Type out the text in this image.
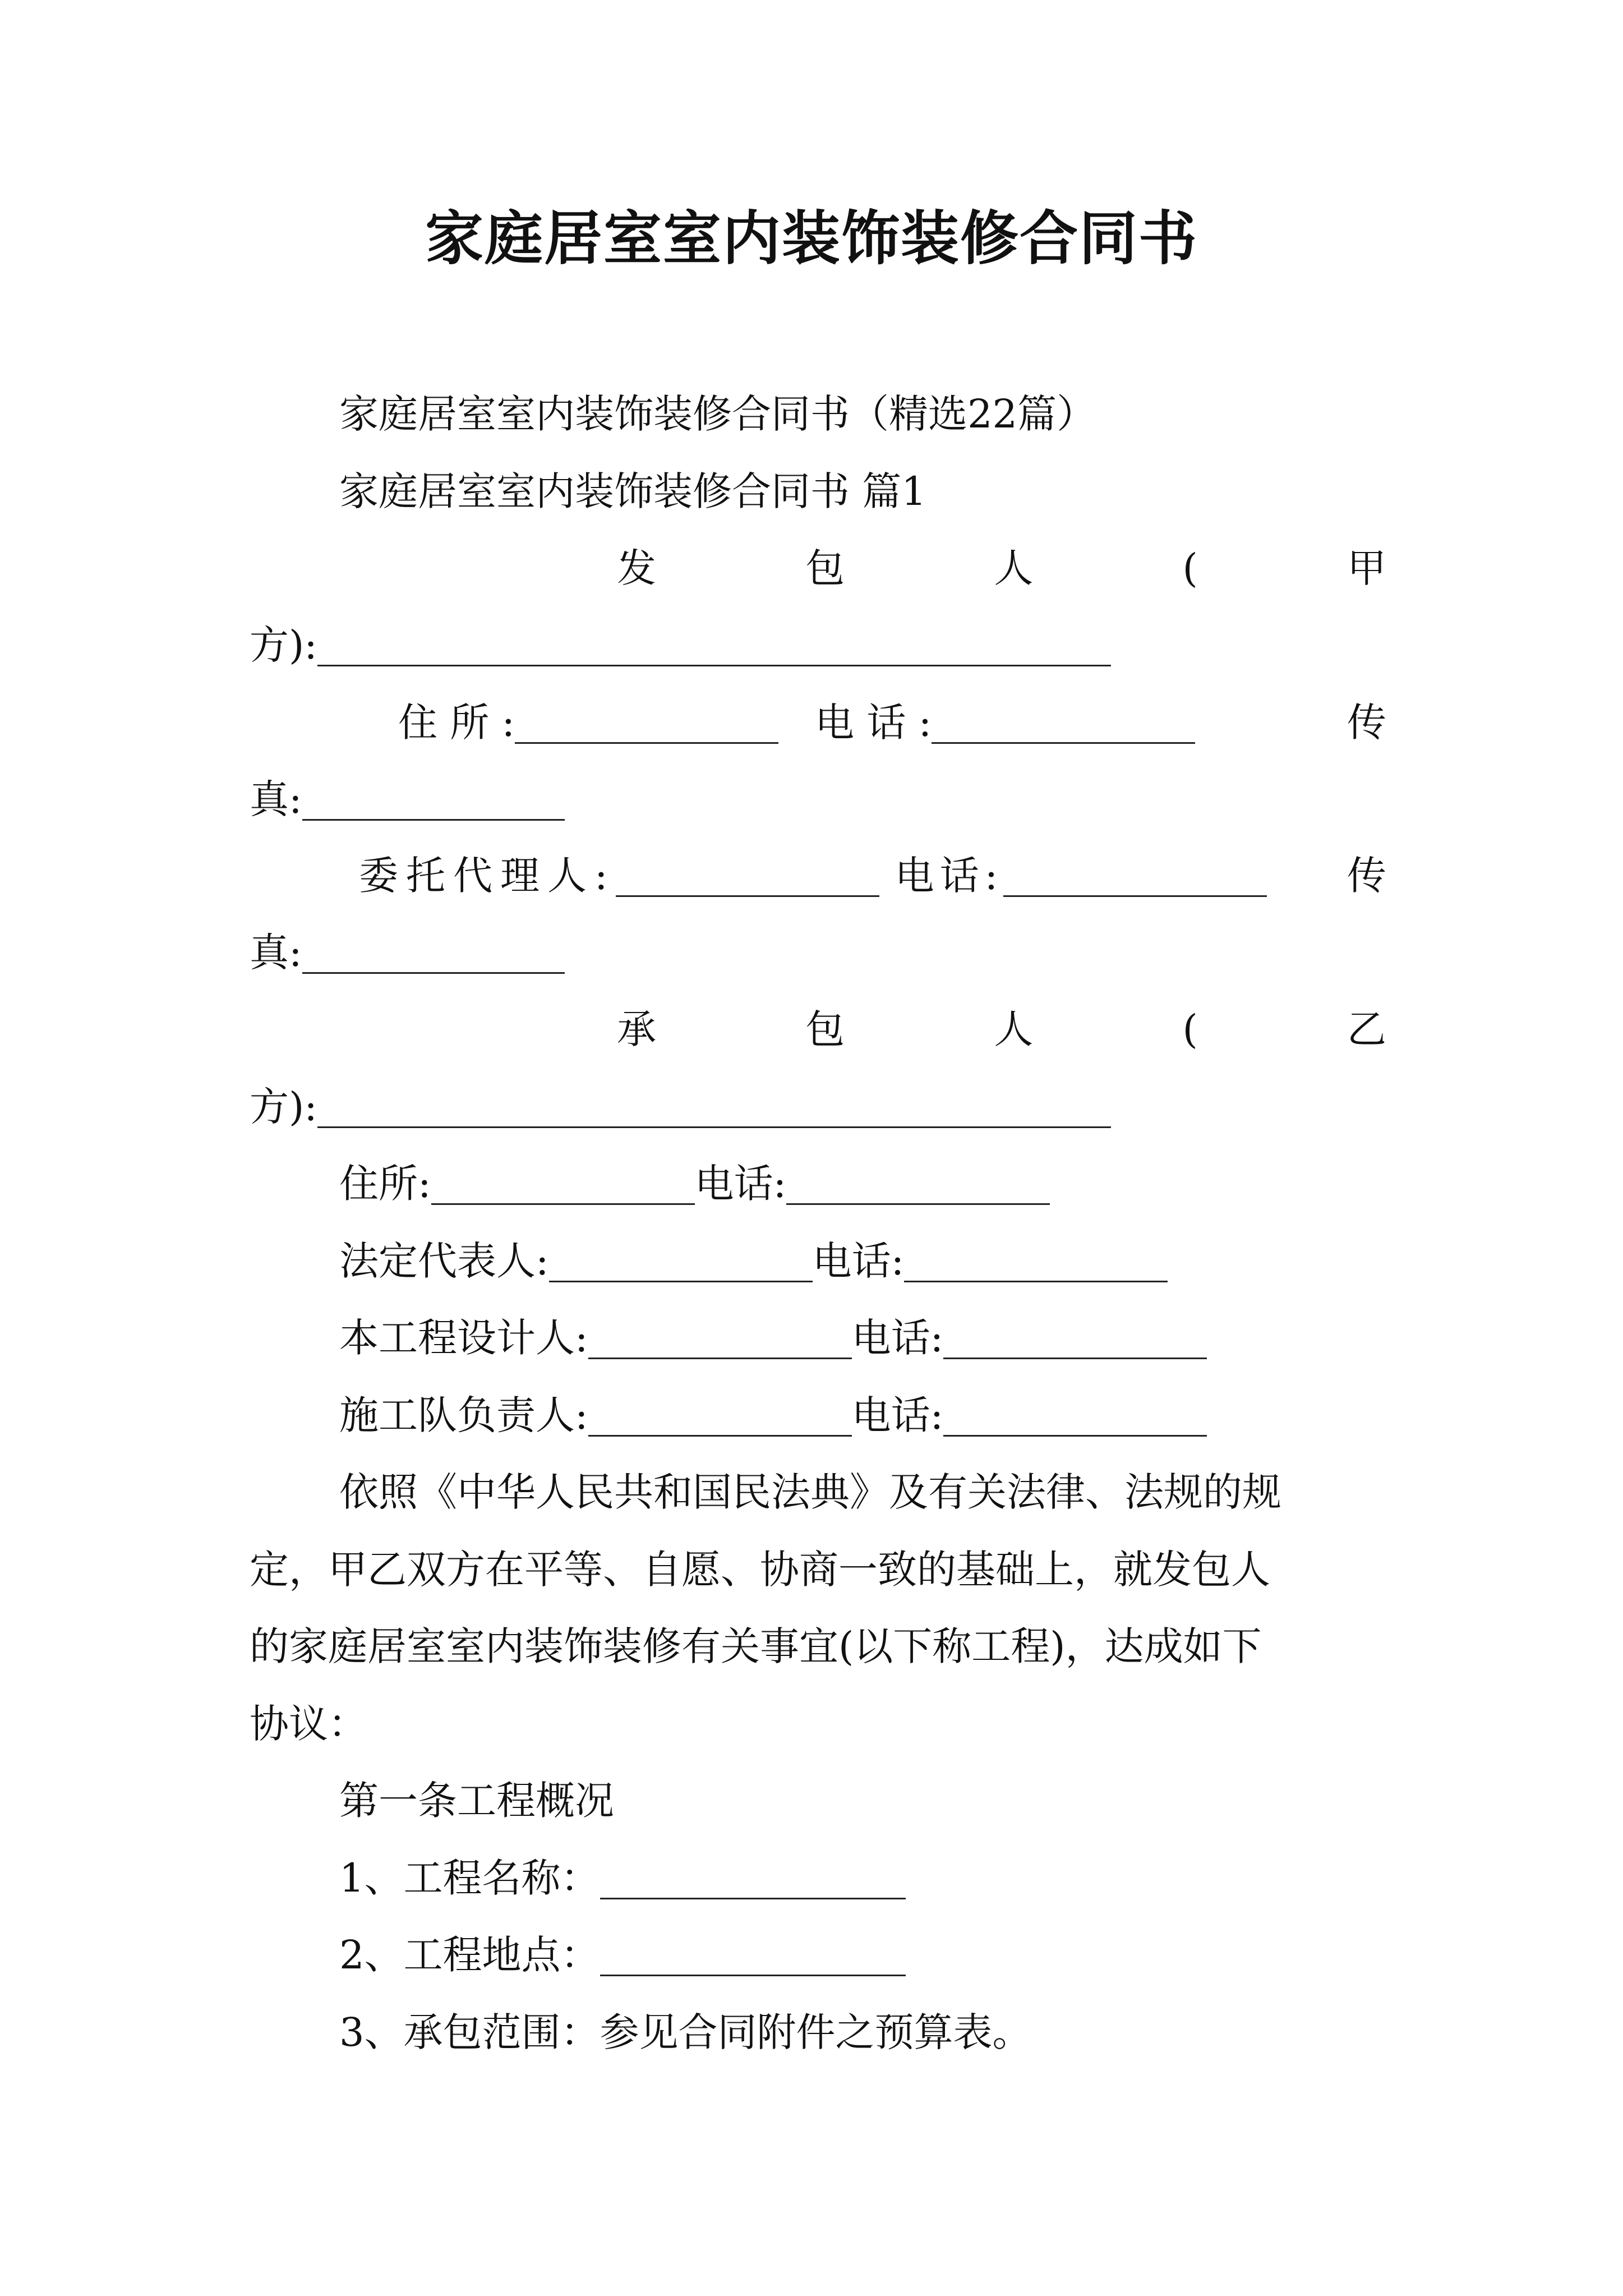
家庭居室室内装饰装修合同书
家庭居室室内装饰装修合同书（精选22篇）
家庭居室室内装饰装修合同书 篇1
发	包	人	(	甲
方):
住 所 :	电 话 :	传
真:
委托代理人:	电话:	传
真:
承	包	人	(	乙
方):
住所:	电话:
法定代表人:	电话:
本工程设计人:	电话:
施工队负责人:	电话:
依照《中华人民共和国民法典》及有关法律、法规的规
定，甲乙双方在平等、自愿、协商一致的基础上，就发包人
的家庭居室室内装饰装修有关事宜(以下称工程)，达成如下
协议：
第一条工程概况
1、工程名称：
2、工程地点：
3、承包范围：参见合同附件之预算表。
